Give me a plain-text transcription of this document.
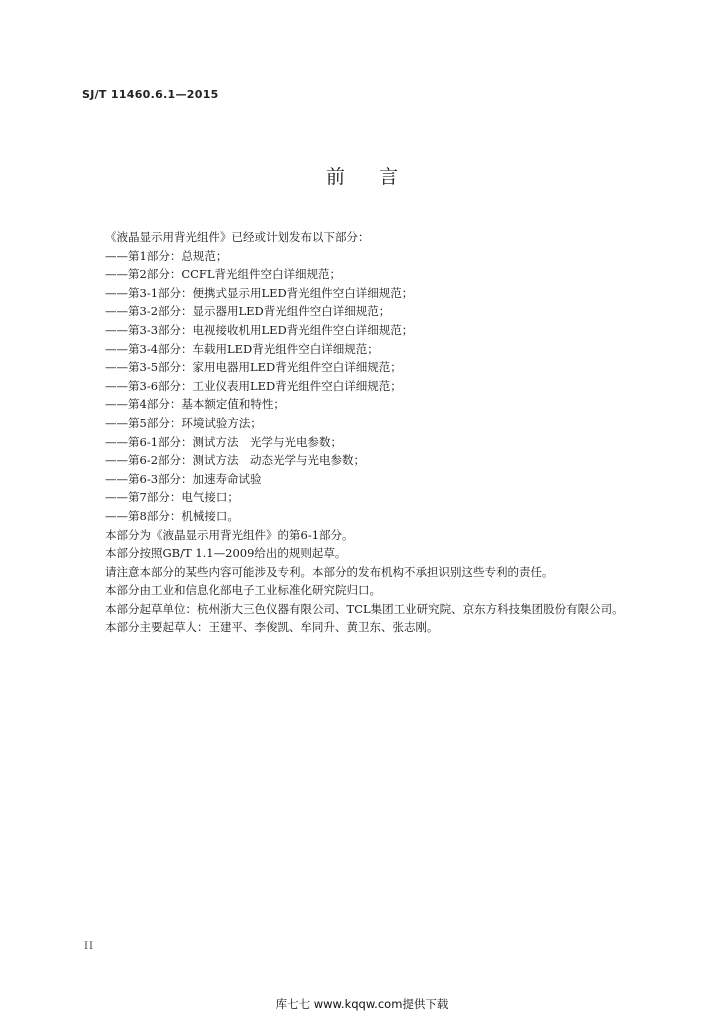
SJ/T 11460.6.1—2015
前言
《液晶显示用背光组件》已经或计划发布以下部分：
——第1部分：总规范；
——第2部分：CCFL背光组件空白详细规范；
——第3-1部分：便携式显示用LED背光组件空白详细规范；
——第3-2部分：显示器用LED背光组件空白详细规范；
——第3-3部分：电视接收机用LED背光组件空白详细规范；
——第3-4部分：车载用LED背光组件空白详细规范；
——第3-5部分：家用电器用LED背光组件空白详细规范；
——第3-6部分：工业仪表用LED背光组件空白详细规范；
——第4部分：基本额定值和特性；
——第5部分：环境试验方法；
——第6-1部分：测试方法　光学与光电参数；
——第6-2部分：测试方法　动态光学与光电参数；
——第6-3部分：加速寿命试验
——第7部分：电气接口；
——第8部分：机械接口。
本部分为《液晶显示用背光组件》的第6-1部分。
本部分按照GB/T 1.1—2009给出的规则起草。
请注意本部分的某些内容可能涉及专利。本部分的发布机构不承担识别这些专利的责任。
本部分由工业和信息化部电子工业标准化研究院归口。
本部分起草单位：杭州浙大三色仪器有限公司、TCL集团工业研究院、京东方科技集团股份有限公司。
本部分主要起草人：王建平、李俊凯、牟同升、黄卫东、张志刚。
II
库七七 www.kqqw.com提供下载
